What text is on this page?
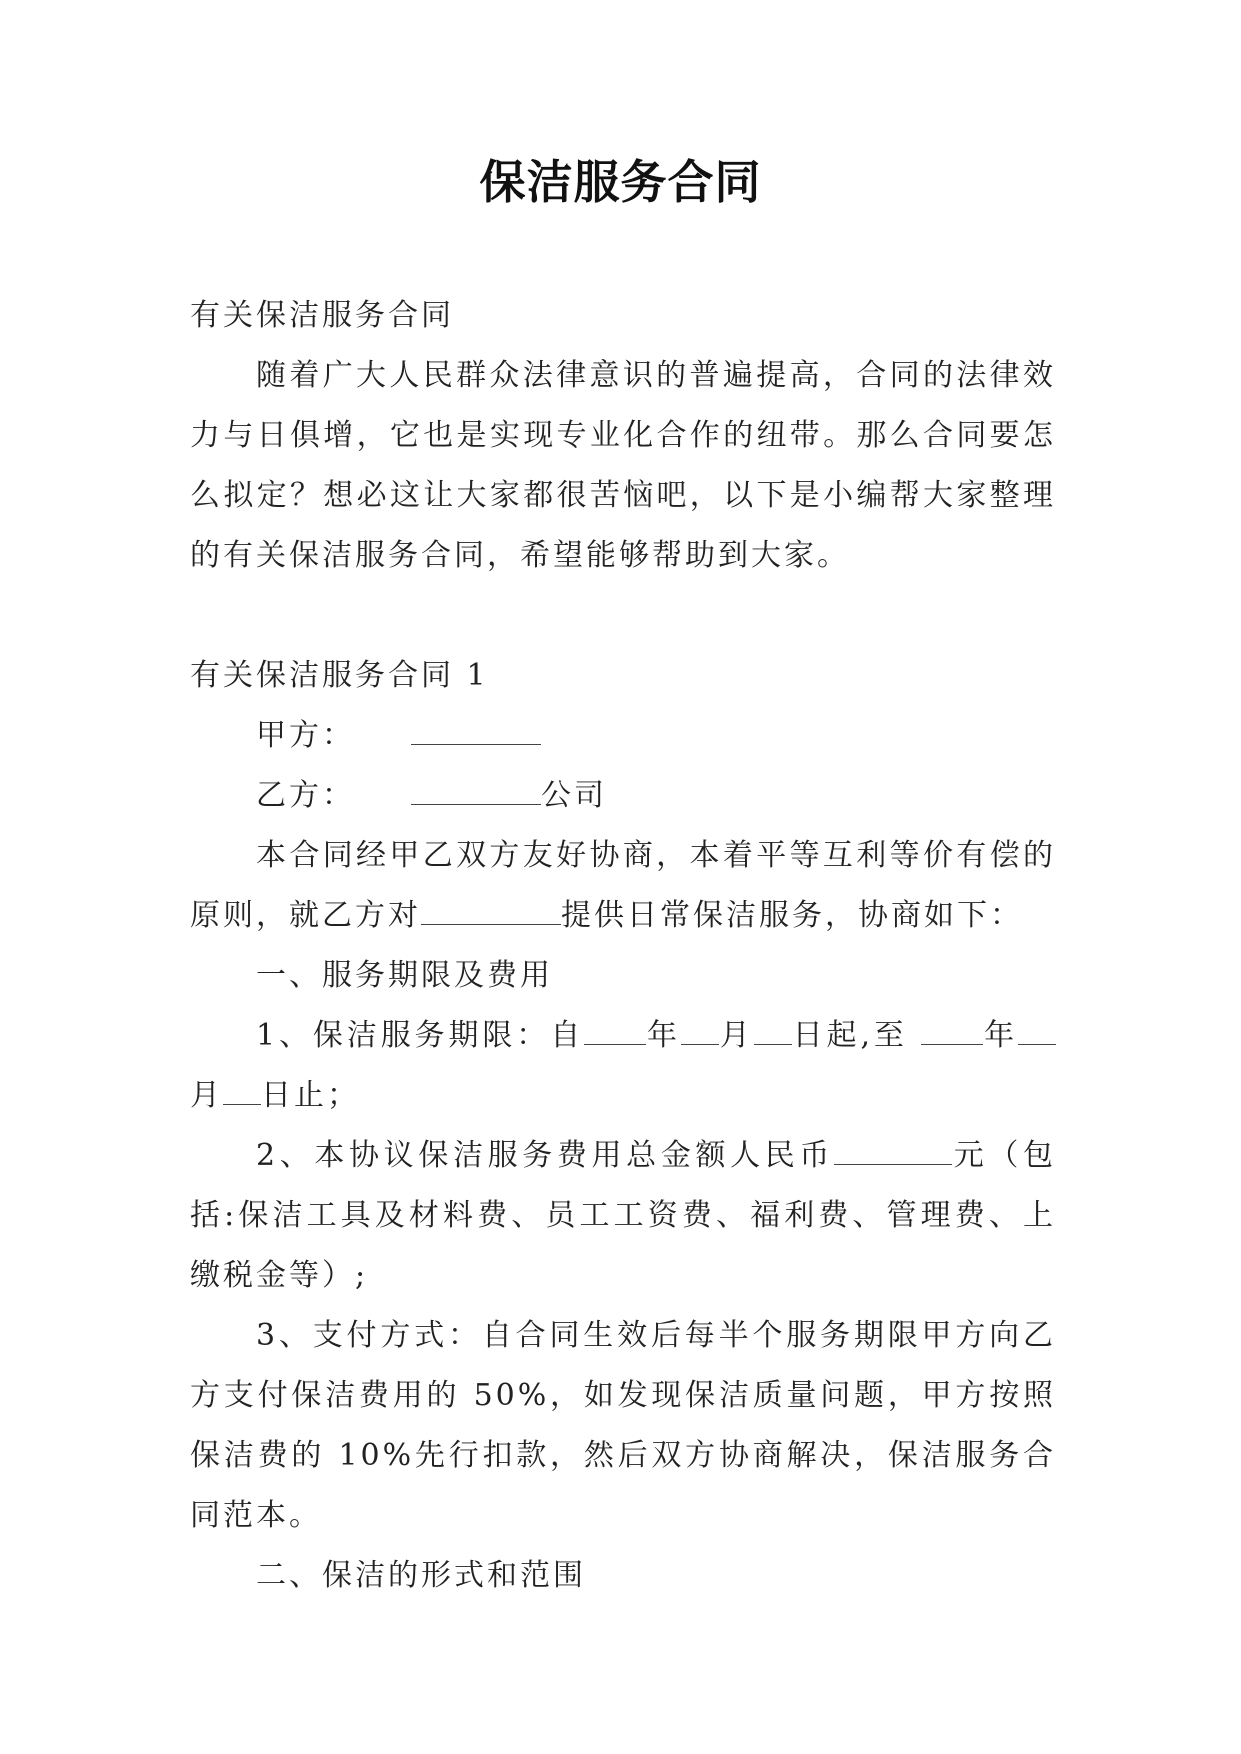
保洁服务合同

有关保洁服务合同

随着广大人民群众法律意识的普遍提高，合同的法律效力与日俱增，它也是实现专业化合作的纽带。那么合同要怎么拟定？想必这让大家都很苦恼吧，以下是小编帮大家整理的有关保洁服务合同，希望能够帮助到大家。

有关保洁服务合同 1

甲方：

乙方：	公司

本合同经甲乙双方友好协商，本着平等互利等价有偿的原则，就乙方对	提供日常保洁服务，协商如下：

一、服务期限及费用

1、保洁服务期限：自 年 月 日起,至 年月 日止；

2、本协议保洁服务费用总金额人民币	元（包括:保洁工具及材料费、员工工资费、福利费、管理费、上缴税金等）;

3、支付方式：自合同生效后每半个服务期限甲方向乙方支付保洁费用的 50%，如发现保洁质量问题，甲方按照保洁费的 10%先行扣款，然后双方协商解决，保洁服务合同范本。

二、保洁的形式和范围
